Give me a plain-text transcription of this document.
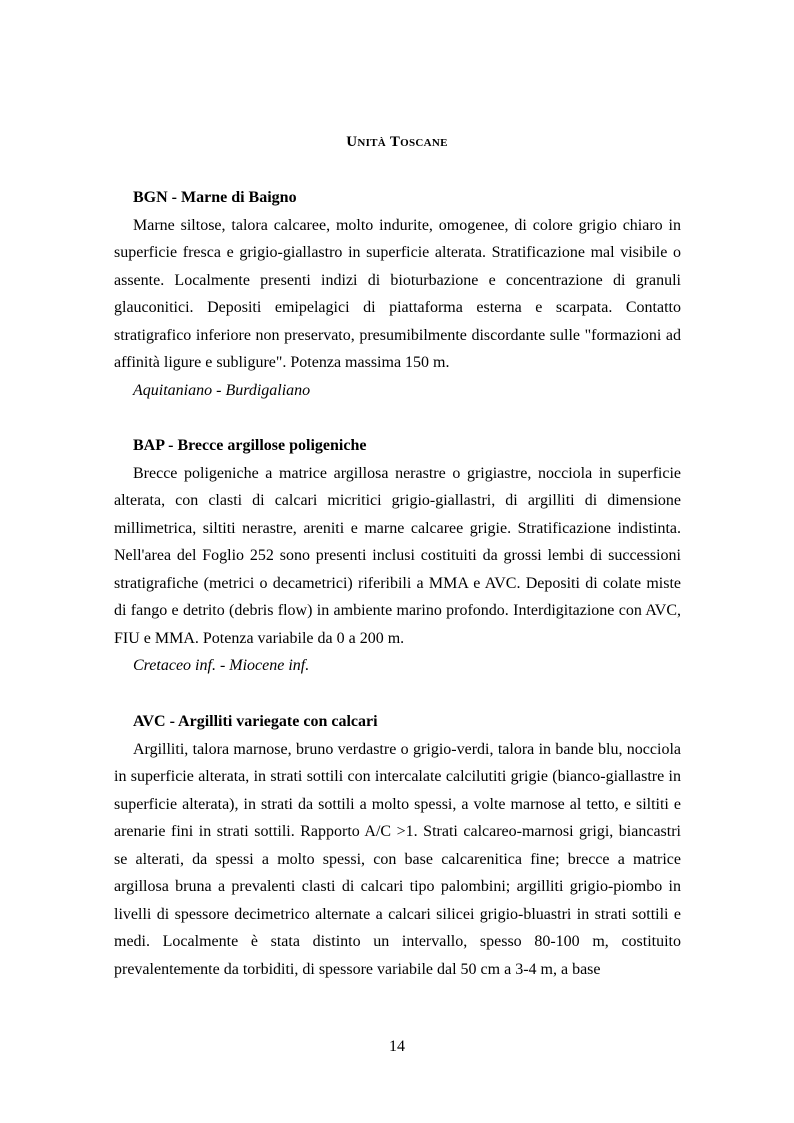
Unità Toscane
BGN - Marne di Baigno

Marne siltose, talora calcaree, molto indurite, omogenee, di colore grigio chiaro in superficie fresca e grigio-giallastro in superficie alterata. Stratificazione mal visibile o assente. Localmente presenti indizi di bioturbazione e concentrazione di granuli glauconitici. Depositi emipelagici di piattaforma esterna e scarpata. Contatto stratigrafico inferiore non preservato, presumibilmente discordante sulle "formazioni ad affinità ligure e subligure". Potenza massima 150 m.

Aquitaniano - Burdigaliano

BAP - Brecce argillose poligeniche

Brecce poligeniche a matrice argillosa nerastre o grigiastre, nocciola in superficie alterata, con clasti di calcari micritici grigio-giallastri, di argilliti di dimensione millimetrica, siltiti nerastre, areniti e marne calcaree grigie. Stratificazione indistinta. Nell'area del Foglio 252 sono presenti inclusi costituiti da grossi lembi di successioni stratigrafiche (metrici o decametrici) riferibili a MMA e AVC. Depositi di colate miste di fango e detrito (debris flow) in ambiente marino profondo. Interdigitazione con AVC, FIU e MMA. Potenza variabile da 0 a 200 m.

Cretaceo inf. - Miocene inf.

AVC - Argilliti variegate con calcari

Argilliti, talora marnose, bruno verdastre o grigio-verdi, talora in bande blu, nocciola in superficie alterata, in strati sottili con intercalate calcilutiti grigie (bianco-giallastre in superficie alterata), in strati da sottili a molto spessi, a volte marnose al tetto, e siltiti e arenarie fini in strati sottili. Rapporto A/C >1. Strati calcareo-marnosi grigi, biancastri se alterati, da spessi a molto spessi, con base calcarenitica fine; brecce a matrice argillosa bruna a prevalenti clasti di calcari tipo palombini; argilliti grigio-piombo in livelli di spessore decimetrico alternate a calcari silicei grigio-bluastri in strati sottili e medi. Localmente è stata distinto un intervallo, spesso 80-100 m, costituito prevalentemente da torbiditi, di spessore variabile dal 50 cm a 3-4 m, a base

14
